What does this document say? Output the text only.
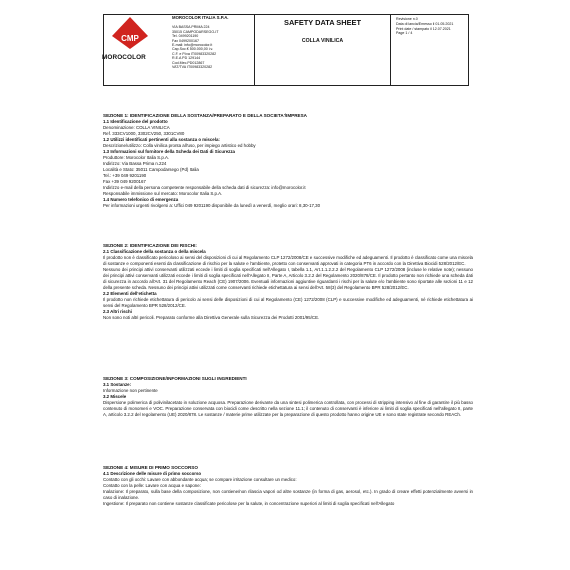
CMP
MOROCOLOR
MOROCOLOR ITALIA S.P.A.
VIA BASSA PRIMA 224
35015 CAMPODARSEGO-IT
Tel. 0499201190
Fax 0499200167
E-mail: info@morocolor.it
Cap.Soc.€ 500.000,00 i.v.
C.F. e P.iva IT00983320282
R.E.A PD 129144
Cod.Mec.PD012867
VAT/TVA IT00983320282
SAFETY DATA SHEET
COLLA VINILICA
Revisione n.0
Data di lancia/Emesso il 01.05.2021
Print date / stampato il 12.07.2021
Page 1 / 4
SEZIONE 1: IDENTIFICAZIONE DELLA SOSTANZA/PREPARATO E DELLA SOCIETA'/IMPRESA
1.1 Identificazione del prodotto
Denominazione: COLLA VINILICA
Ref. 333CV1000, 3302CV250, 3301CV80
1.2 Utilizzi identificati pertinenti alla sostanza o miscela:
Descrizione/utilizzo: Colla vinilica pronta all'uso, per impiego artistico ed hobby
1.3 Informazioni sul fornitore della Scheda dei Dati di Sicurezza
Produttore: Morocolor Italia S.p.A.
Indirizzo: Via Bassa Prima n.224
Località e Stato: 35011 Campodarsego (Pd) Italia
Tel.: +39 049 9201190
Fax +39 049 9200167
Indirizzo e-mail della persona competente responsabile della scheda dati di sicurezza: info@morocolor.it
Responsabile immissione sul mercato: Morocolor Italia S.p.A.
1.4 Numero telefonico di emergenza
Per informazioni urgenti rivolgersi a: Uffici 049 9201190 disponibile da lunedì a venerdì, meglio orari: 8,30-17,30
SEZIONE 2: IDENTIFICAZIONE DEI RISCHI:
2.1 Classificazione della sostanza o della miscela
Il prodotto non è classificato pericoloso ai sensi del disposizioni di cui al Regolamento CLP 1272/2008/CE e successive modifiche ed adeguamenti. Il prodotto è classificato come una miscela di sostanze e componenti esenti da classificazione di rischio per la salute e l'ambiente, protetto con conservanti approvati in categoria PT6 in accordo con la Direttiva Biocidi 528/2012/EC.
Nessuno dei principi attivi conservanti utilizzati eccede i limiti di soglia specificati nell'Allegato I, tabella 1.1, Art.1.1.2.2.2 del Regolamento CLP 1272/2008 (incluse le relative note); nessuno dei principi attivi conservanti utilizzati eccede i limiti di soglia specificati nell'Allegato II, Parte A, Articolo 3.2.2 del Regolamento 2020/878/CE. Il prodotto pertanto non richiede una scheda dati di sicurezza in accordo all'Art. 31 del Regolamento Reach (CE) 1907/2006. Eventuali informazioni aggiuntive riguardanti i rischi per la salute e/o l'ambiente sono riportate alle sezioni 11 e 12 della presente scheda. Nessuno dei principi attivi utilizzati come conservanti richiede etichettatura ai sensi dell'Art. 58(3) del Regolamento BPR 528/2012/EC.
2.2 Elementi dell'etichetta
Il prodotto non richiede etichettatura di pericolo ai sensi delle disposizioni di cui al Regolamento (CE) 1272/2008 (CLP) e successive modifiche ed adeguamenti, né richiede etichettatura ai sensi del Regolamento BPR 528/2012/CE.
2.3 Altri rischi
Non sono noti altri pericoli. Preparato conforme alla Direttiva Generale sulla Sicurezza dei Prodotti 2001/95/CE.
SEZIONE 3: COMPOSIZIONE/INFORMAZIONI SUGLI INGREDIENTI
3.1 Sostanze:
Informazione non pertinente
3.2 Miscele
Dispersione polimerica di polivinilacetato in soluzione acquosa. Preparazione derivante da una sintesi polimerica controllata, con processi di stripping intensivo al fine di garantire il più basso contenuto di monomeri e VOC. Preparazione conservata con biocidi come descritto nella sezione 11.1; il contenuto di conservanti è inferiore ai limiti di soglia specificati nell'allegato II, parte A, articolo 3.2.2 del regolamento (UE) 2020/878. Le sostanze / materie prime utilizzate per la preparazione di questo prodotto hanno origine UE e sono state registrate secondo REACh.
SEZIONE 4: MISURE DI PRIMO SOCCORSO
4.1 Descrizione delle misure di primo soccorso
Contatto con gli occhi: Lavare con abbondante acqua; se compare irritazione consultare un medico:
Contatto con la pelle: Lavare con acqua e sapone:
Inalazione: Il preparato, sulla base della composizione, non contiene/non rilascia vapori od altre sostanze (in forma di gas, aerosol, etc.). In grado di creare effetti potenzialmente avversi in caso di inalazione.
Ingestione: Il preparato non contiene sostanze classificate pericolose per la salute, in concentrazione superiori al limiti di soglia specificati nell'Allegato
